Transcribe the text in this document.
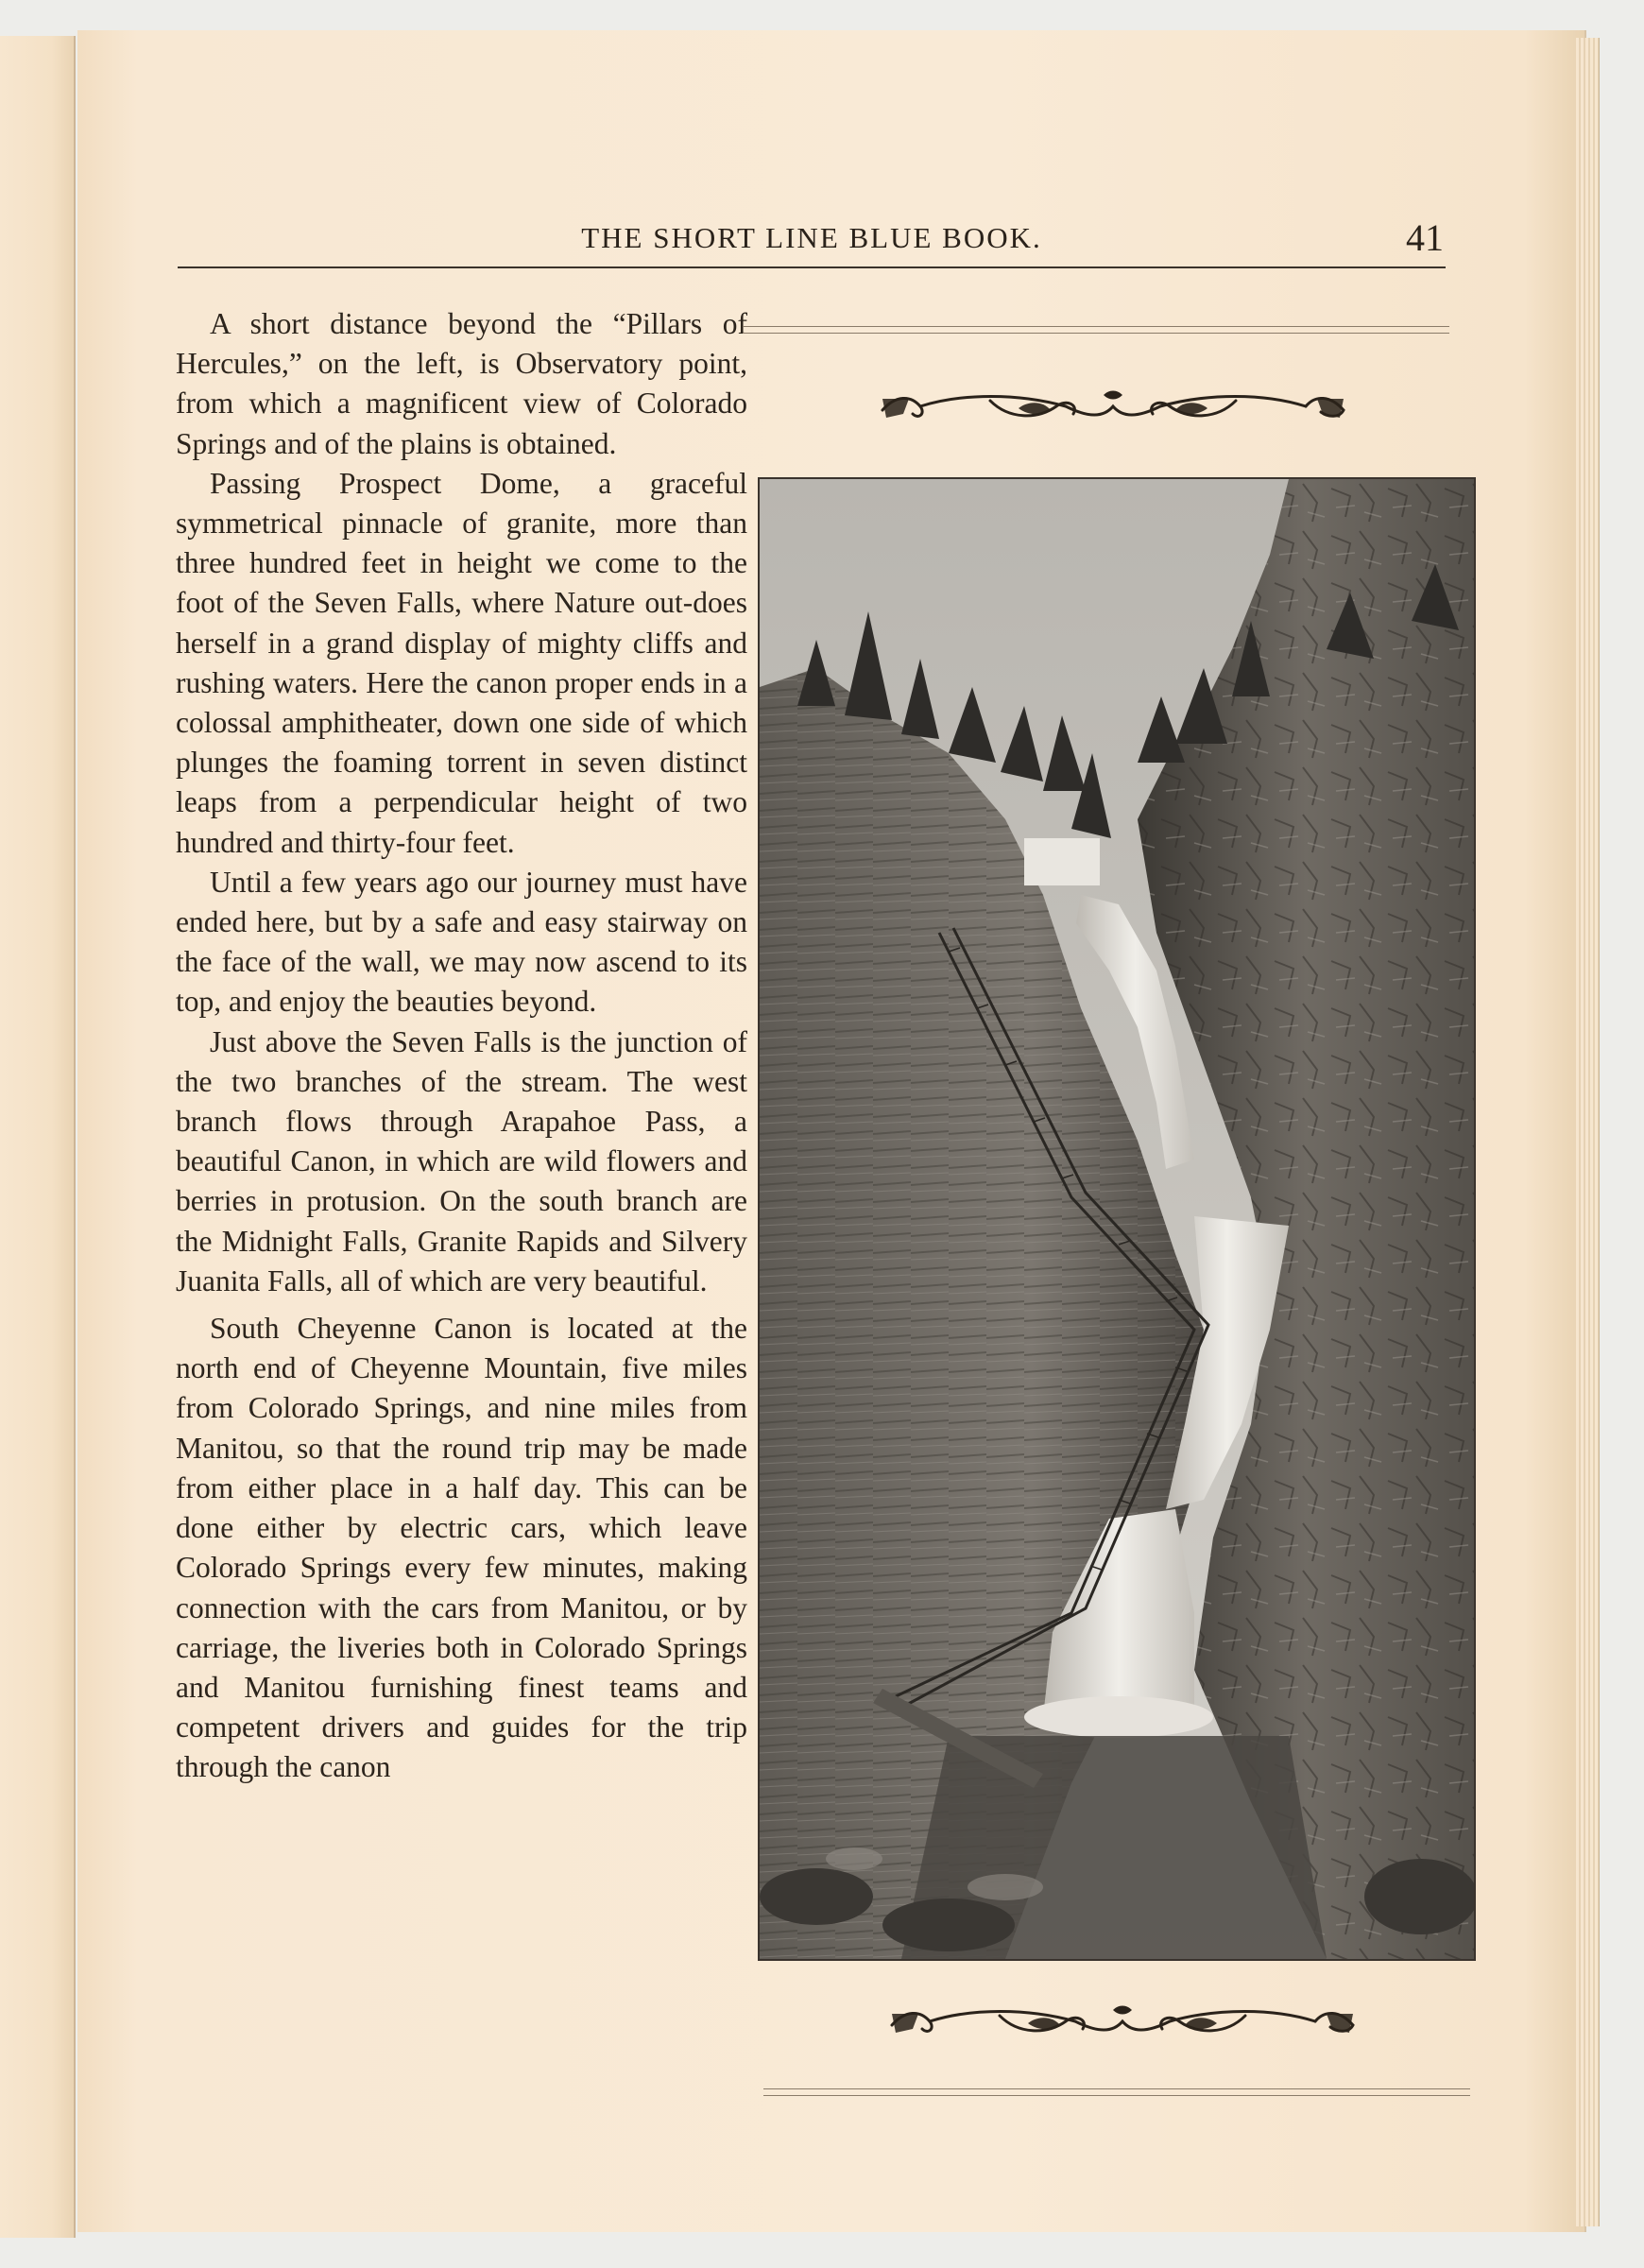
THE SHORT LINE BLUE BOOK.	41

A short distance beyond the “Pillars of Hercules,” on the left, is Observatory point, from which a magnificent view of Colorado Springs and of the plains is obtained.

Passing Prospect Dome, a graceful symmetrical pinnacle of granite, more than three hundred feet in height we come to the foot of the Seven Falls, where Nature out-does herself in a grand display of mighty cliffs and rushing waters. Here the canon proper ends in a colossal amphitheater, down one side of which plunges the foaming torrent in seven distinct leaps from a perpendicular height of two hundred and thirty-four feet.

Until a few years ago our journey must have ended here, but by a safe and easy stairway on the face of the wall, we may now ascend to its top, and enjoy the beauties beyond.

Just above the Seven Falls is the junction of the two branches of the stream. The west branch flows through Arapahoe Pass, a beautiful Canon, in which are wild flowers and berries in protusion. On the south branch are the Midnight Falls, Granite Rapids and Silvery Juanita Falls, all of which are very beautiful.

South Cheyenne Canon is located at the north end of Cheyenne Mountain, five miles from Colorado Springs, and nine miles from Manitou, so that the round trip may be made from either place in a half day. This can be done either by electric cars, which leave Colorado Springs every few minutes, making connection with the cars from Manitou, or by carriage, the liveries both in Colorado Springs and Manitou furnishing finest teams and competent drivers and guides for the trip through the canon
